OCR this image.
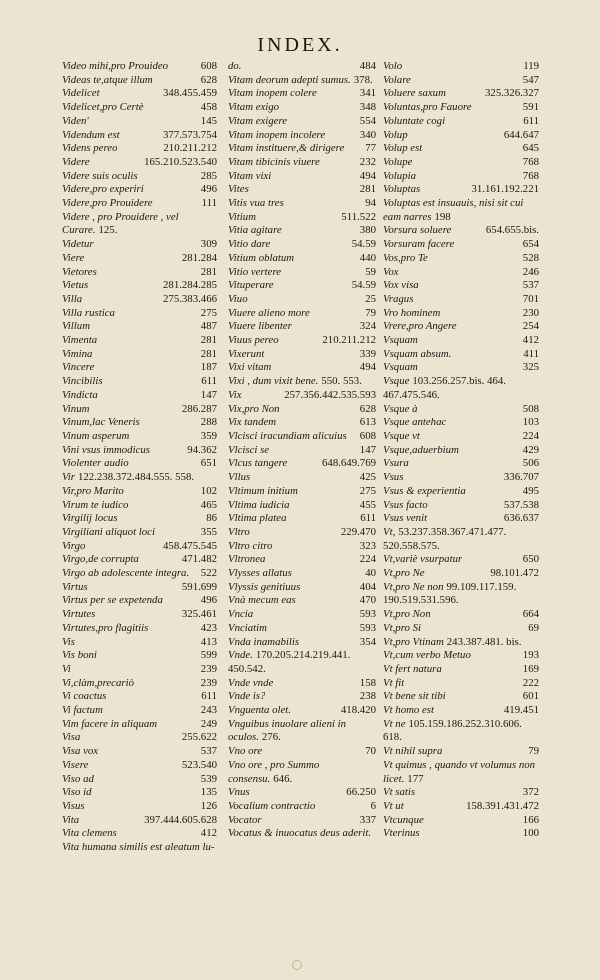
INDEX.
Video mihi,pro Prouideo	608
Videas te,atque illum	628
Videlicet	348.455.459
Videlicet,pro Certè	458
Viden'	145
Videndum est	377.573.754
Videns pereo	210.211.212
Videre	165.210.523.540
Videre suis oculis	285
Videre,pro experiri	496
Videre,pro Prouidere	111
Videre , pro Prouidere , vel Curare. 125.
Videtur	309
Viere	281.284
Vietores	281
Vietus	281.284.285
Villa	275.383.466
Villa rustica	275
Villum	487
Vimenta	281
Vimina	281
Vincere	187
Vincibilis	611
Vindicta	147
Vinum	286.287
Vinum,lac Veneris	288
Vinum asperum	359
Vini vsus immodicus	94.362
Violenter audio	651
Vir 122.238.372.484.555. 558.
Vir,pro Marito	102
Virum te iudico	465
Virgilij locus	86
Virgiliani aliquot loci	355
Virgo	458.475.545
Virgo,de corrupta	471.482
Virgo ab adolescente integra.	522
Virtus	591.699
Virtus per se expetenda	496
Virtutes	325.461
Virtutes,pro flagitiis	423
Vis	413
Vis boni	599
Vi	239
Vi,clàm,precariò	239
Vi coactus	611
Vi factum	243
Vim facere in aliquam	249
Visa	255.622
Visa vox	537
Visere	523.540
Viso ad	539
Viso id	135
Visus	126
Vita	397.444.605.628
Vita clemens	412
Vita humana similis est aleatum lu-
do.	484
Vitam deorum adepti sumus. 378.
Vitam inopem colere	341
Vitam exigo	348
Vitam exigere	554
Vitam inopem incolere	340
Vitam instituere,& dirigere	77
Vitam tibicinis viuere	232
Vitam vixi	494
Vites	281
Vitis vua tres	94
Vitium	511.522
Vitia agitare	380
Vitio dare	54.59
Vitium oblatum	440
Vitio vertere	59
Vituperare	54.59
Viuo	25
Viuere alieno more	79
Viuere libenter	324
Viuus pereo	210.211.212
Vixerunt	339
Vixi vitam	494
Vixi , dum vixit bene. 550. 553.
Vix	257.356.442.535.593
Vix,pro Non	628
Vix tandem	613
Vlcisci iracundiam alicuius	608
Vlcisci se	147
Vlcus tangere	648.649.769
Vllus	425
Vltimum initium	275
Vltima iudicia	455
Vltima platea	611
Vltro	229.470
Vltro citro	323
Vltronea	224
Vlysses allatus	40
Vlyssis genitiuus	404
Vnà mecum eas	470
Vncia	593
Vnciatim	593
Vnda inamabilis	354
Vnde. 170.205.214.219.441. 450.542.
Vnde vnde	158
Vnde is?	238
Vnguenta olet.	418.420
Vnguibus inuolare alieni in oculos. 276.
Vno ore	70
Vno ore , pro Summo consensu. 646.
Vnus	66.250
Vocalium contractio	6
Vocator	337
Vocatus & inuocatus deus aderit.
Volo	119
Volare	547
Voluere saxum	325.326.327
Voluntas,pro Fauore	591
Voluntate cogi	611
Volup	644.647
Volup est	645
Volupe	768
Volupia	768
Voluptas	31.161.192.221
Voluptas est insuauis, nisi sit cui eam narres 198
Vorsura soluere	654.655.bis.
Vorsuram facere	654
Vos,pro Te	528
Vox	246
Vox visa	537
Vragus	701
Vro hominem	230
Vrere,pro Angere	254
Vsquam	412
Vsquam absum.	411
Vsquam	325
Vsque 103.256.257.bis. 464. 467.475.546.
Vsque à	508
Vsque antehac	103
Vsque vt	224
Vsque,aduerbium	429
Vsura	506
Vsus	336.707
Vsus & experientia	495
Vsus facto	537.538
Vsus venit	636.637
Vt, 53.237.358.367.471.477. 520.558.575.
Vt,variè vsurpatur	650
Vt,pro Ne	98.101.472
Vt,pro Ne non 99.109.117.159. 190.519.531.596.
Vt,pro Non	664
Vt,pro Si	69
Vt,pro Vtinam 243.387.481. bis.
Vt,cum verbo Metuo	193
Vt fert natura	169
Vt fit	222
Vt bene sit tibi	601
Vt homo est	419.451
Vt ne 105.159.186.252.310.606. 618.
Vt nihil supra	79
Vt quimus , quando vt volumus non licet. 177
Vt satis	372
Vt ut	158.391.431.472
Vtcunque	166
Vterinus	100
